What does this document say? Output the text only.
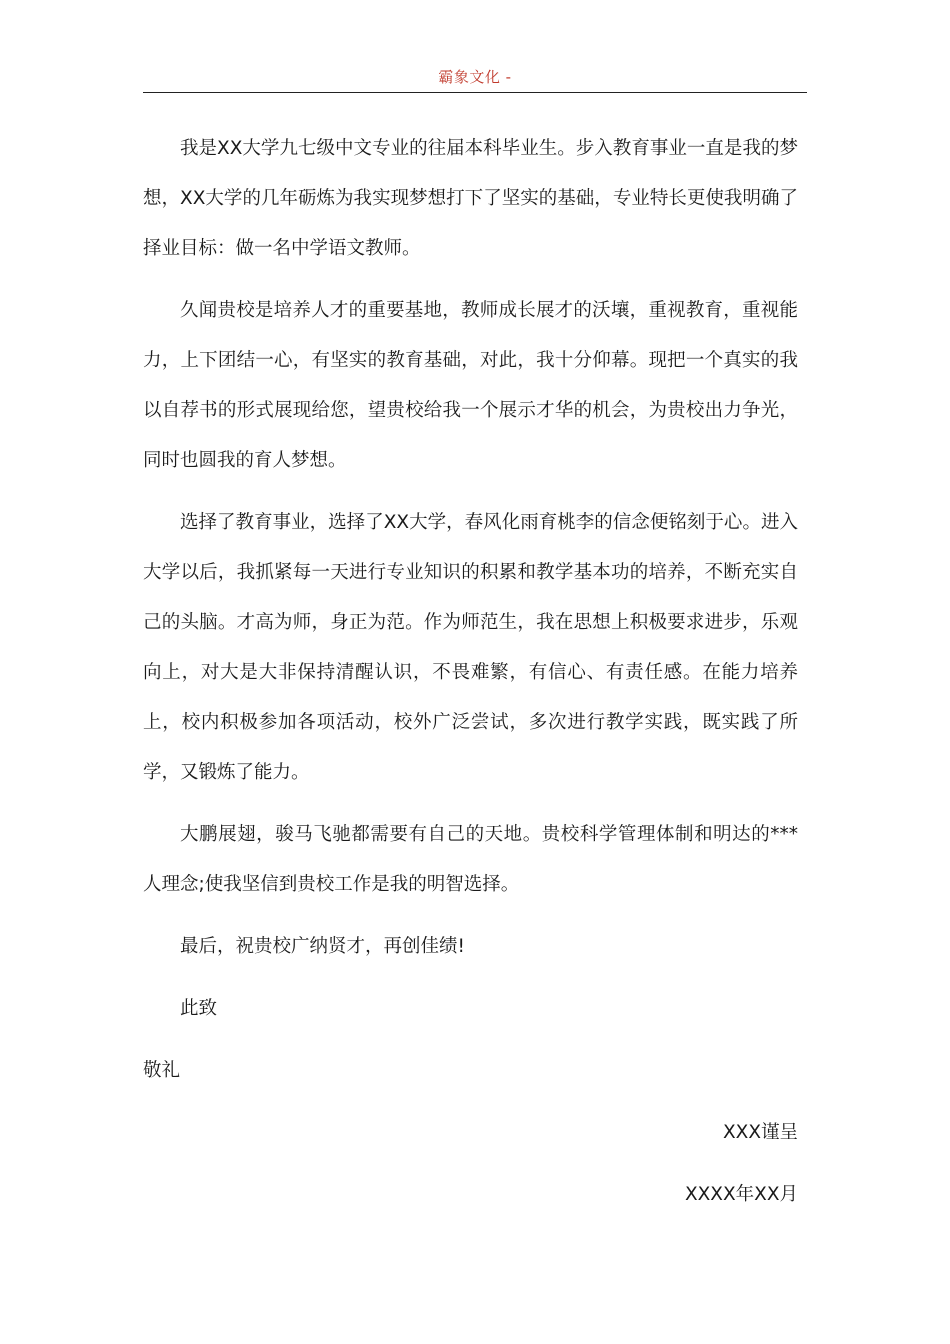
霸象文化 -

我是XX大学九七级中文专业的往届本科毕业生。步入教育事业一直是我的梦想，XX大学的几年砺炼为我实现梦想打下了坚实的基础，专业特长更使我明确了择业目标：做一名中学语文教师。

久闻贵校是培养人才的重要基地，教师成长展才的沃壤，重视教育，重视能力，上下团结一心，有坚实的教育基础，对此，我十分仰幕。现把一个真实的我以自荐书的形式展现给您，望贵校给我一个展示才华的机会，为贵校出力争光，同时也圆我的育人梦想。

选择了教育事业，选择了XX大学，春风化雨育桃李的信念便铭刻于心。进入大学以后，我抓紧每一天进行专业知识的积累和教学基本功的培养，不断充实自己的头脑。才高为师，身正为范。作为师范生，我在思想上积极要求进步，乐观向上，对大是大非保持清醒认识，不畏难繁，有信心、有责任感。在能力培养上，校内积极参加各项活动，校外广泛尝试，多次进行教学实践，既实践了所学，又锻炼了能力。

大鹏展翅，骏马飞驰都需要有自己的天地。贵校科学管理体制和明达的***人理念;使我坚信到贵校工作是我的明智选择。

最后，祝贵校广纳贤才，再创佳绩!

此致

敬礼

XXX谨呈

XXXX年XX月
